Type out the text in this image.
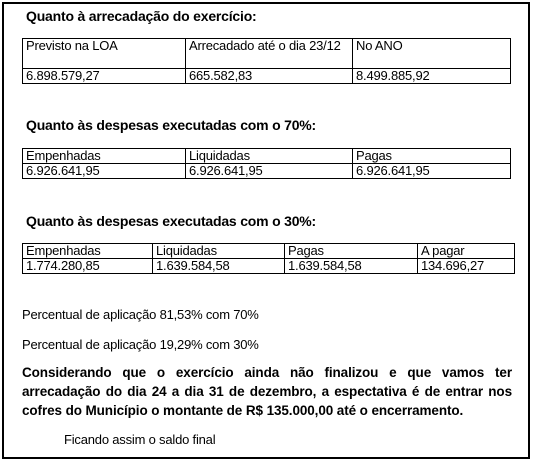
Quanto à arrecadação do exercício:
Previsto na LOA	Arrecadado até o dia 23/12	No ANO
6.898.579,27	665.582,83	8.499.885,92
Quanto às despesas executadas com o 70%:
Empenhadas	Liquidadas	Pagas
6.926.641,95	6.926.641,95	6.926.641,95
Quanto às despesas executadas com o 30%:
Empenhadas	Liquidadas	Pagas	A pagar
1.774.280,85	1.639.584,58	1.639.584,58	134.696,27
Percentual de aplicação 81,53% com 70%
Percentual de aplicação 19,29% com 30%
Considerando que o exercício ainda não finalizou e que vamos ter arrecadação do dia 24 a dia 31 de dezembro, a espectativa é de entrar nos cofres do Município o montante de R$ 135.000,00 até o encerramento.
Ficando assim o saldo final
